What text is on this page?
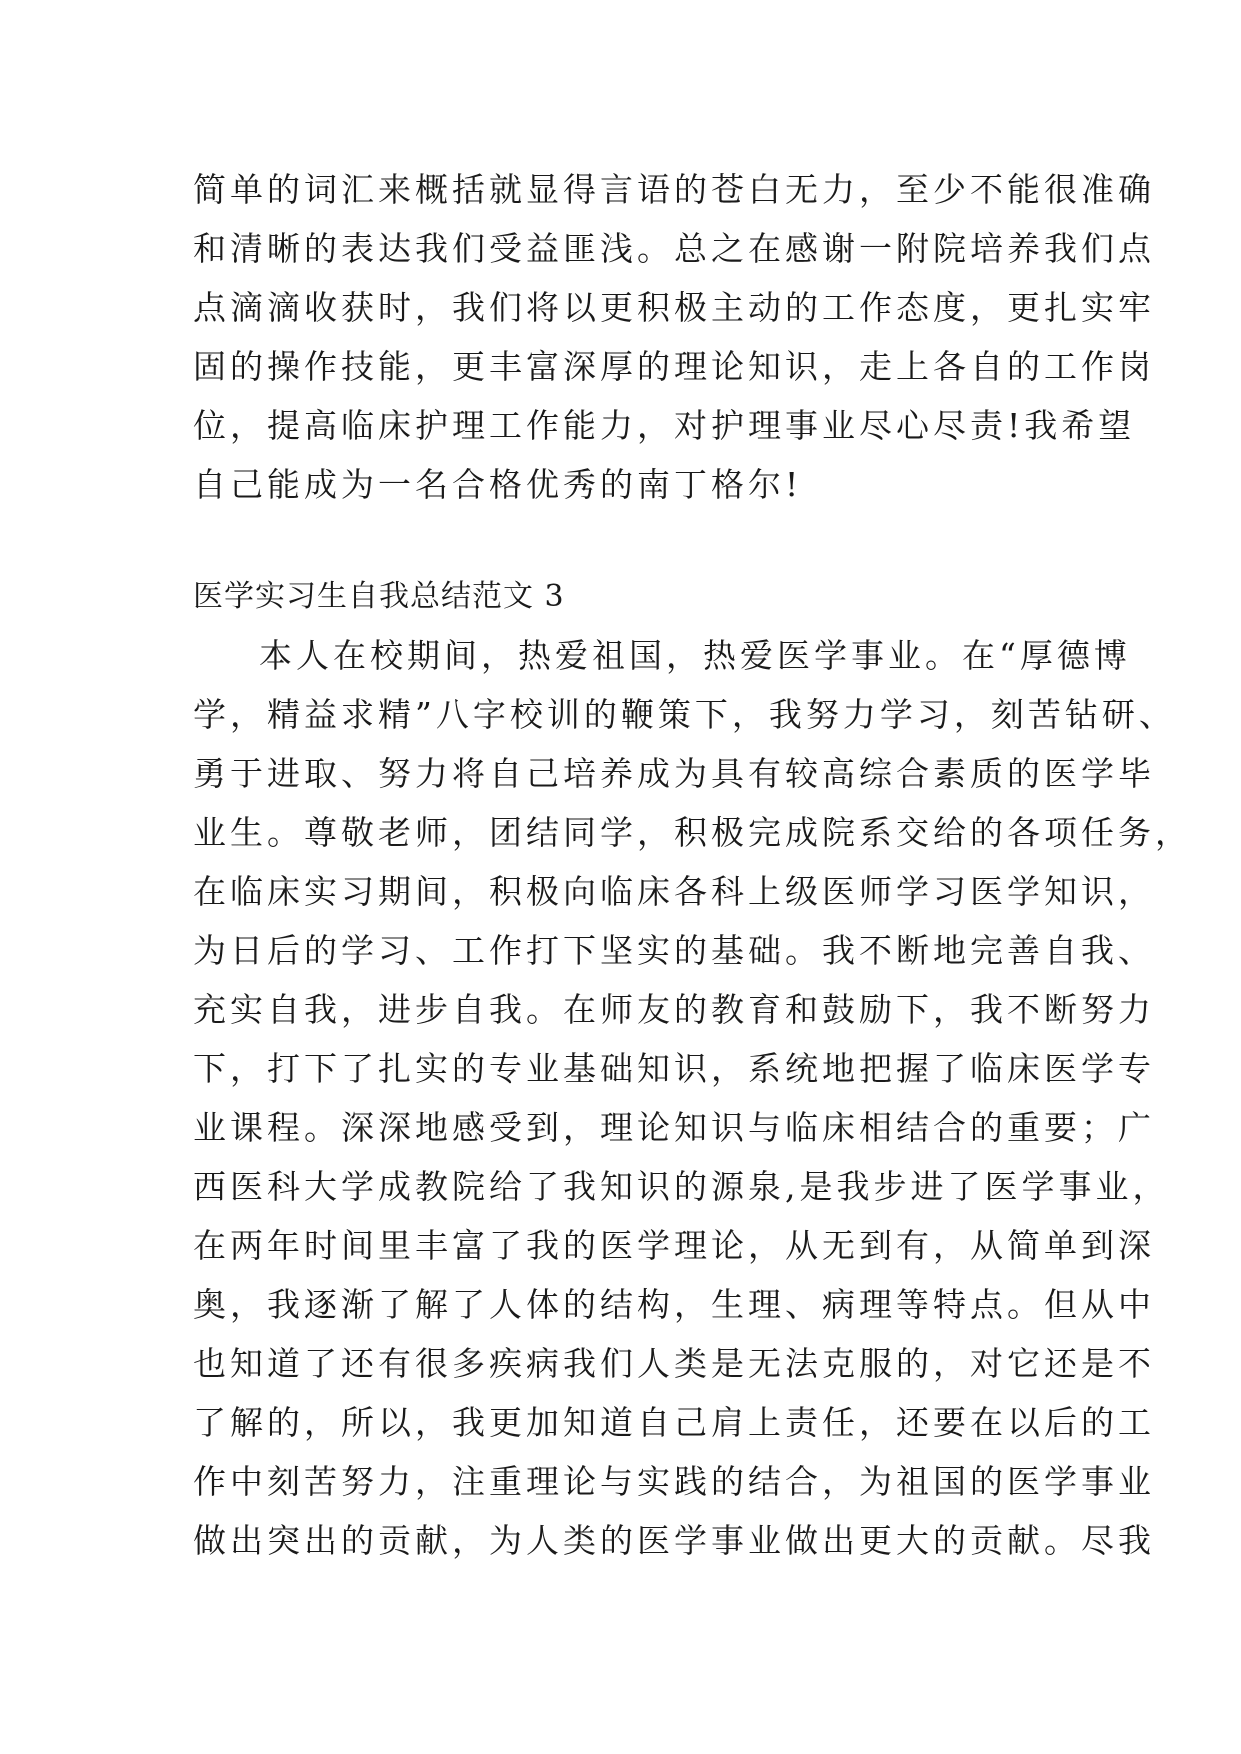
简单的词汇来概括就显得言语的苍白无力，至少不能很准确
和清晰的表达我们受益匪浅。总之在感谢一附院培养我们点
点滴滴收获时，我们将以更积极主动的工作态度，更扎实牢
固的操作技能，更丰富深厚的理论知识，走上各自的工作岗
位，提高临床护理工作能力，对护理事业尽心尽责!我希望
自己能成为一名合格优秀的南丁格尔!
医学实习生自我总结范文 3
本人在校期间，热爱祖国，热爱医学事业。在“厚德博
学，精益求精”八字校训的鞭策下，我努力学习，刻苦钻研、
勇于进取、努力将自己培养成为具有较高综合素质的医学毕
业生。尊敬老师，团结同学，积极完成院系交给的各项任务，
在临床实习期间，积极向临床各科上级医师学习医学知识，
为日后的学习、工作打下坚实的基础。我不断地完善自我、
充实自我，进步自我。在师友的教育和鼓励下，我不断努力
下，打下了扎实的专业基础知识，系统地把握了临床医学专
业课程。深深地感受到，理论知识与临床相结合的重要；广
西医科大学成教院给了我知识的源泉,是我步进了医学事业，
在两年时间里丰富了我的医学理论，从无到有，从简单到深
奥，我逐渐了解了人体的结构，生理、病理等特点。但从中
也知道了还有很多疾病我们人类是无法克服的，对它还是不
了解的，所以，我更加知道自己肩上责任，还要在以后的工
作中刻苦努力，注重理论与实践的结合，为祖国的医学事业
做出突出的贡献，为人类的医学事业做出更大的贡献。尽我
